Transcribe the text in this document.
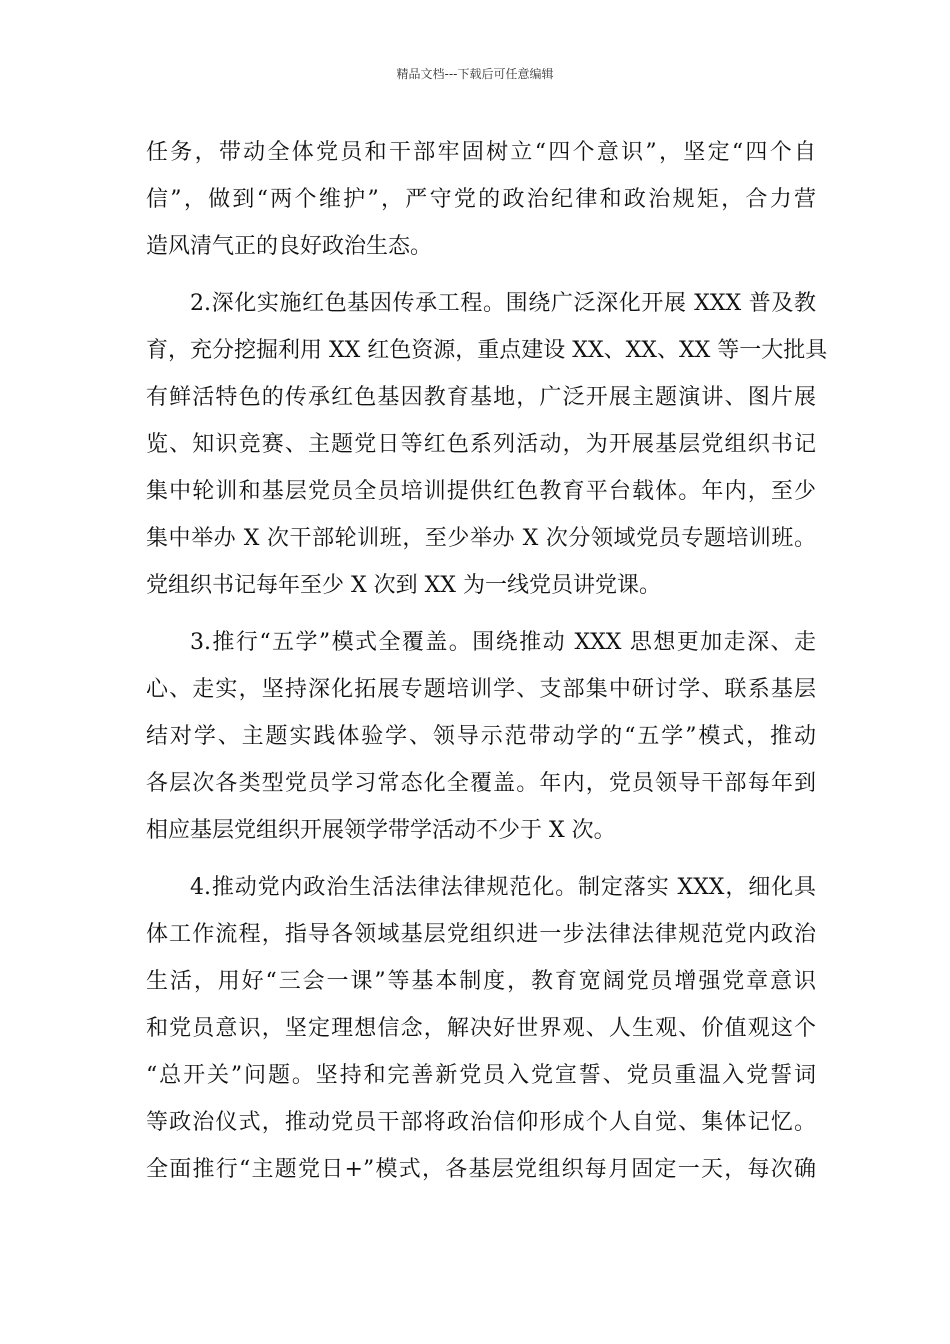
精品文档---下载后可任意编辑
任务，带动全体党员和干部牢固树立“四个意识”，坚定“四个自
信”，做到“两个维护”，严守党的政治纪律和政治规矩，合力营
造风清气正的良好政治生态。
2.深化实施红色基因传承工程。围绕广泛深化开展 XXX 普及教
育，充分挖掘利用 XX 红色资源，重点建设 XX、XX、XX 等一大批具
有鲜活特色的传承红色基因教育基地，广泛开展主题演讲、图片展
览、知识竞赛、主题党日等红色系列活动，为开展基层党组织书记
集中轮训和基层党员全员培训提供红色教育平台载体。年内，至少
集中举办 X 次干部轮训班，至少举办 X 次分领域党员专题培训班。
党组织书记每年至少 X 次到 XX 为一线党员讲党课。
3.推行“五学”模式全覆盖。围绕推动 XXX 思想更加走深、走
心、走实，坚持深化拓展专题培训学、支部集中研讨学、联系基层
结对学、主题实践体验学、领导示范带动学的“五学”模式，推动
各层次各类型党员学习常态化全覆盖。年内，党员领导干部每年到
相应基层党组织开展领学带学活动不少于 X 次。
4.推动党内政治生活法律法律规范化。制定落实 XXX，细化具
体工作流程，指导各领域基层党组织进一步法律法律规范党内政治
生活，用好“三会一课”等基本制度，教育宽阔党员增强党章意识
和党员意识，坚定理想信念，解决好世界观、人生观、价值观这个
“总开关”问题。坚持和完善新党员入党宣誓、党员重温入党誓词
等政治仪式，推动党员干部将政治信仰形成个人自觉、集体记忆。
全面推行“主题党日+”模式，各基层党组织每月固定一天，每次确
